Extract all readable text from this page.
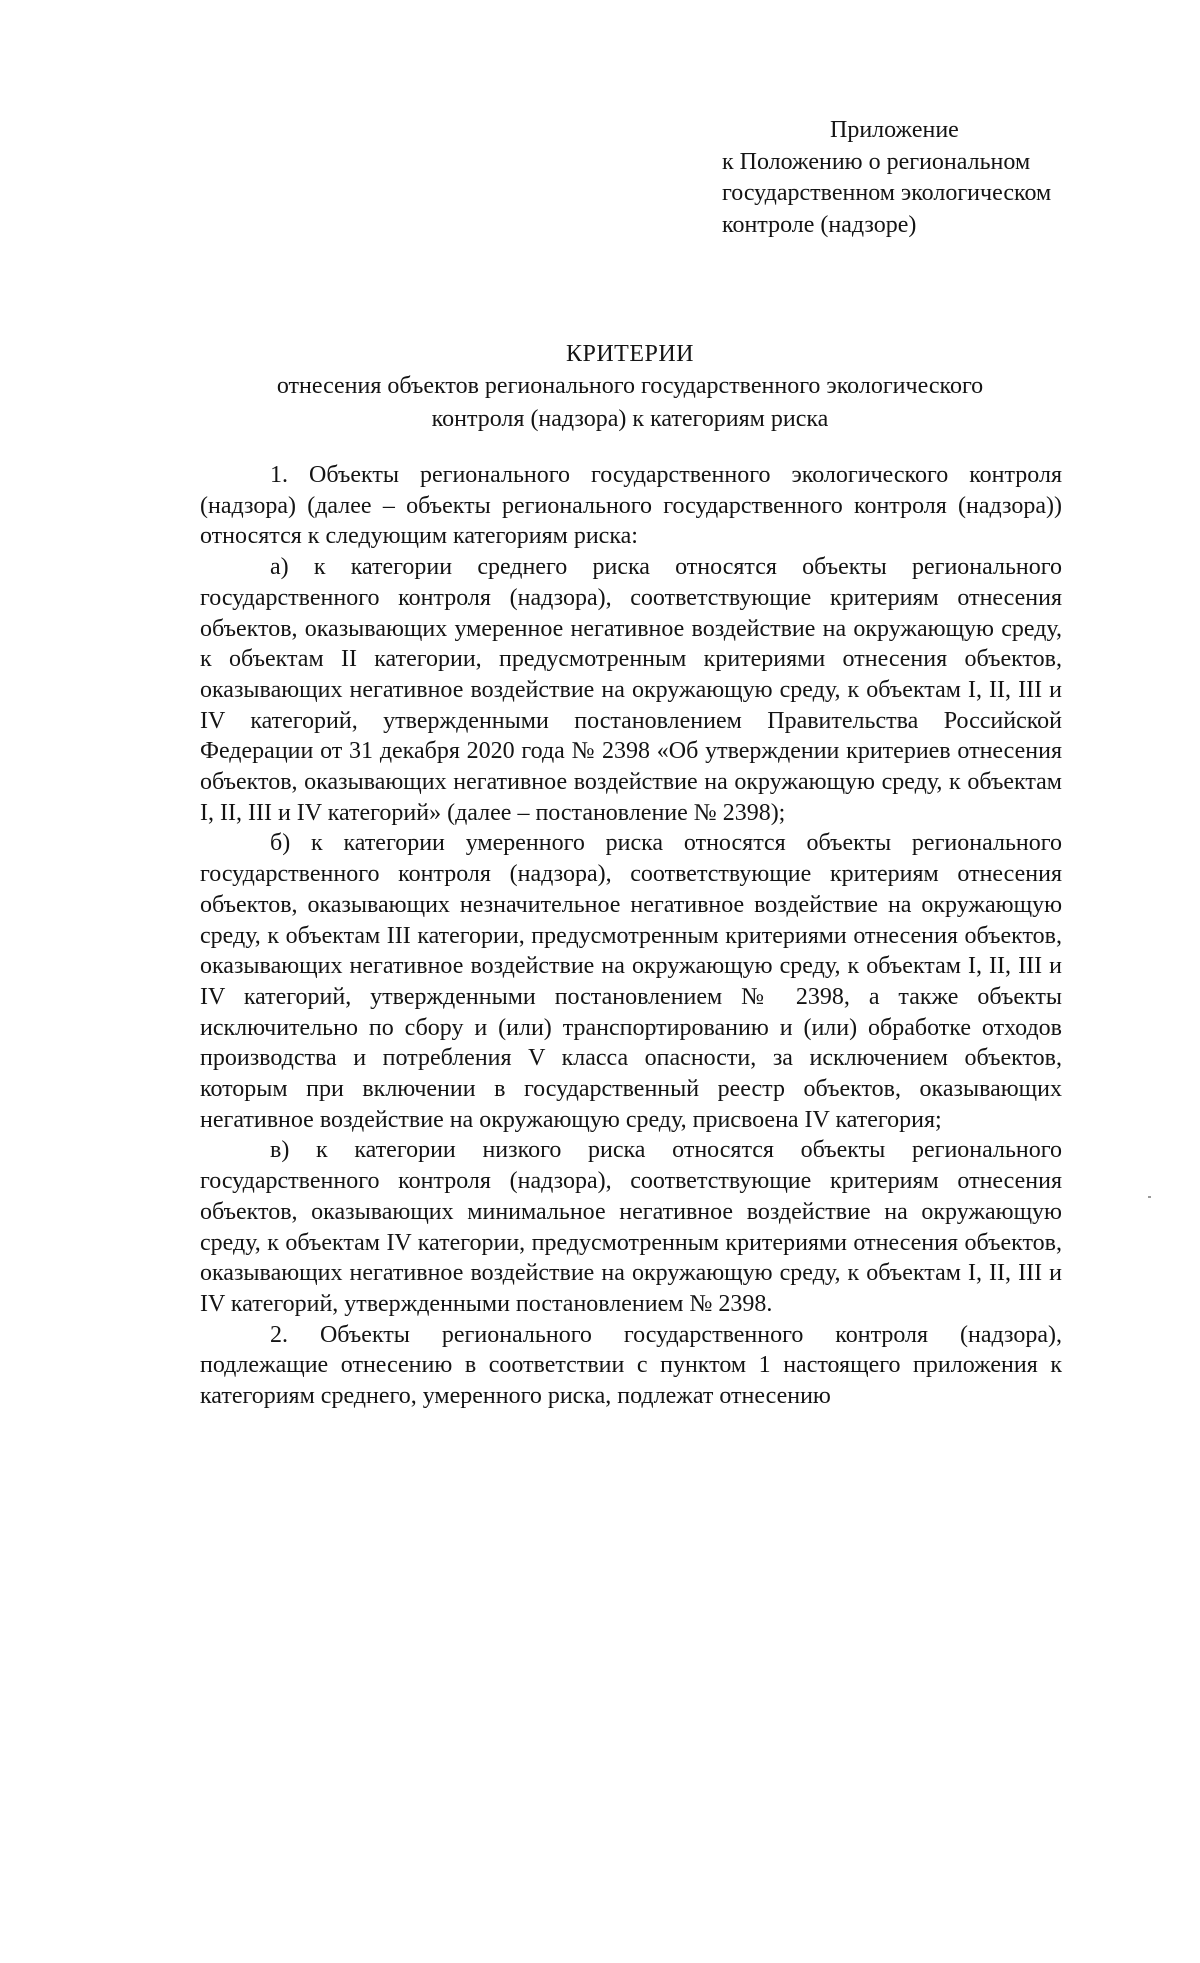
Приложение
к Положению о региональном
государственном экологическом
контроле (надзоре)
КРИТЕРИИ
отнесения объектов регионального государственного экологического
контроля (надзора) к категориям риска

1. Объекты регионального государственного экологического контроля (надзора) (далее – объекты регионального государственного контроля (надзора)) относятся к следующим категориям риска:

а) к категории среднего риска относятся объекты регионального государственного контроля (надзора), соответствующие критериям отнесения объектов, оказывающих умеренное негативное воздействие на окружающую среду, к объектам II категории, предусмотренным критериями отнесения объектов, оказывающих негативное воздействие на окружающую среду, к объектам I, II, III и IV категорий, утвержденными постановлением Правительства Российской Федерации от 31 декабря 2020 года № 2398 «Об утверждении критериев отнесения объектов, оказывающих негативное воздействие на окружающую среду, к объектам I, II, III и IV категорий» (далее – постановление № 2398);

б) к категории умеренного риска относятся объекты регионального государственного контроля (надзора), соответствующие критериям отнесения объектов, оказывающих незначительное негативное воздействие на окружающую среду, к объектам III категории, предусмотренным критериями отнесения объектов, оказывающих негативное воздействие на окружающую среду, к объектам I, II, III и IV категорий, утвержденными постановлением № 2398, а также объекты исключительно по сбору и (или) транспортированию и (или) обработке отходов производства и потребления V класса опасности, за исключением объектов, которым при включении в государственный реестр объектов, оказывающих негативное воздействие на окружающую среду, присвоена IV категория;

в) к категории низкого риска относятся объекты регионального государственного контроля (надзора), соответствующие критериям отнесения объектов, оказывающих минимальное негативное воздействие на окружающую среду, к объектам IV категории, предусмотренным критериями отнесения объектов, оказывающих негативное воздействие на окружающую среду, к объектам I, II, III и IV категорий, утвержденными постановлением № 2398.

2. Объекты регионального государственного контроля (надзора), подлежащие отнесению в соответствии с пунктом 1 настоящего приложения к категориям среднего, умеренного риска, подлежат отнесению
